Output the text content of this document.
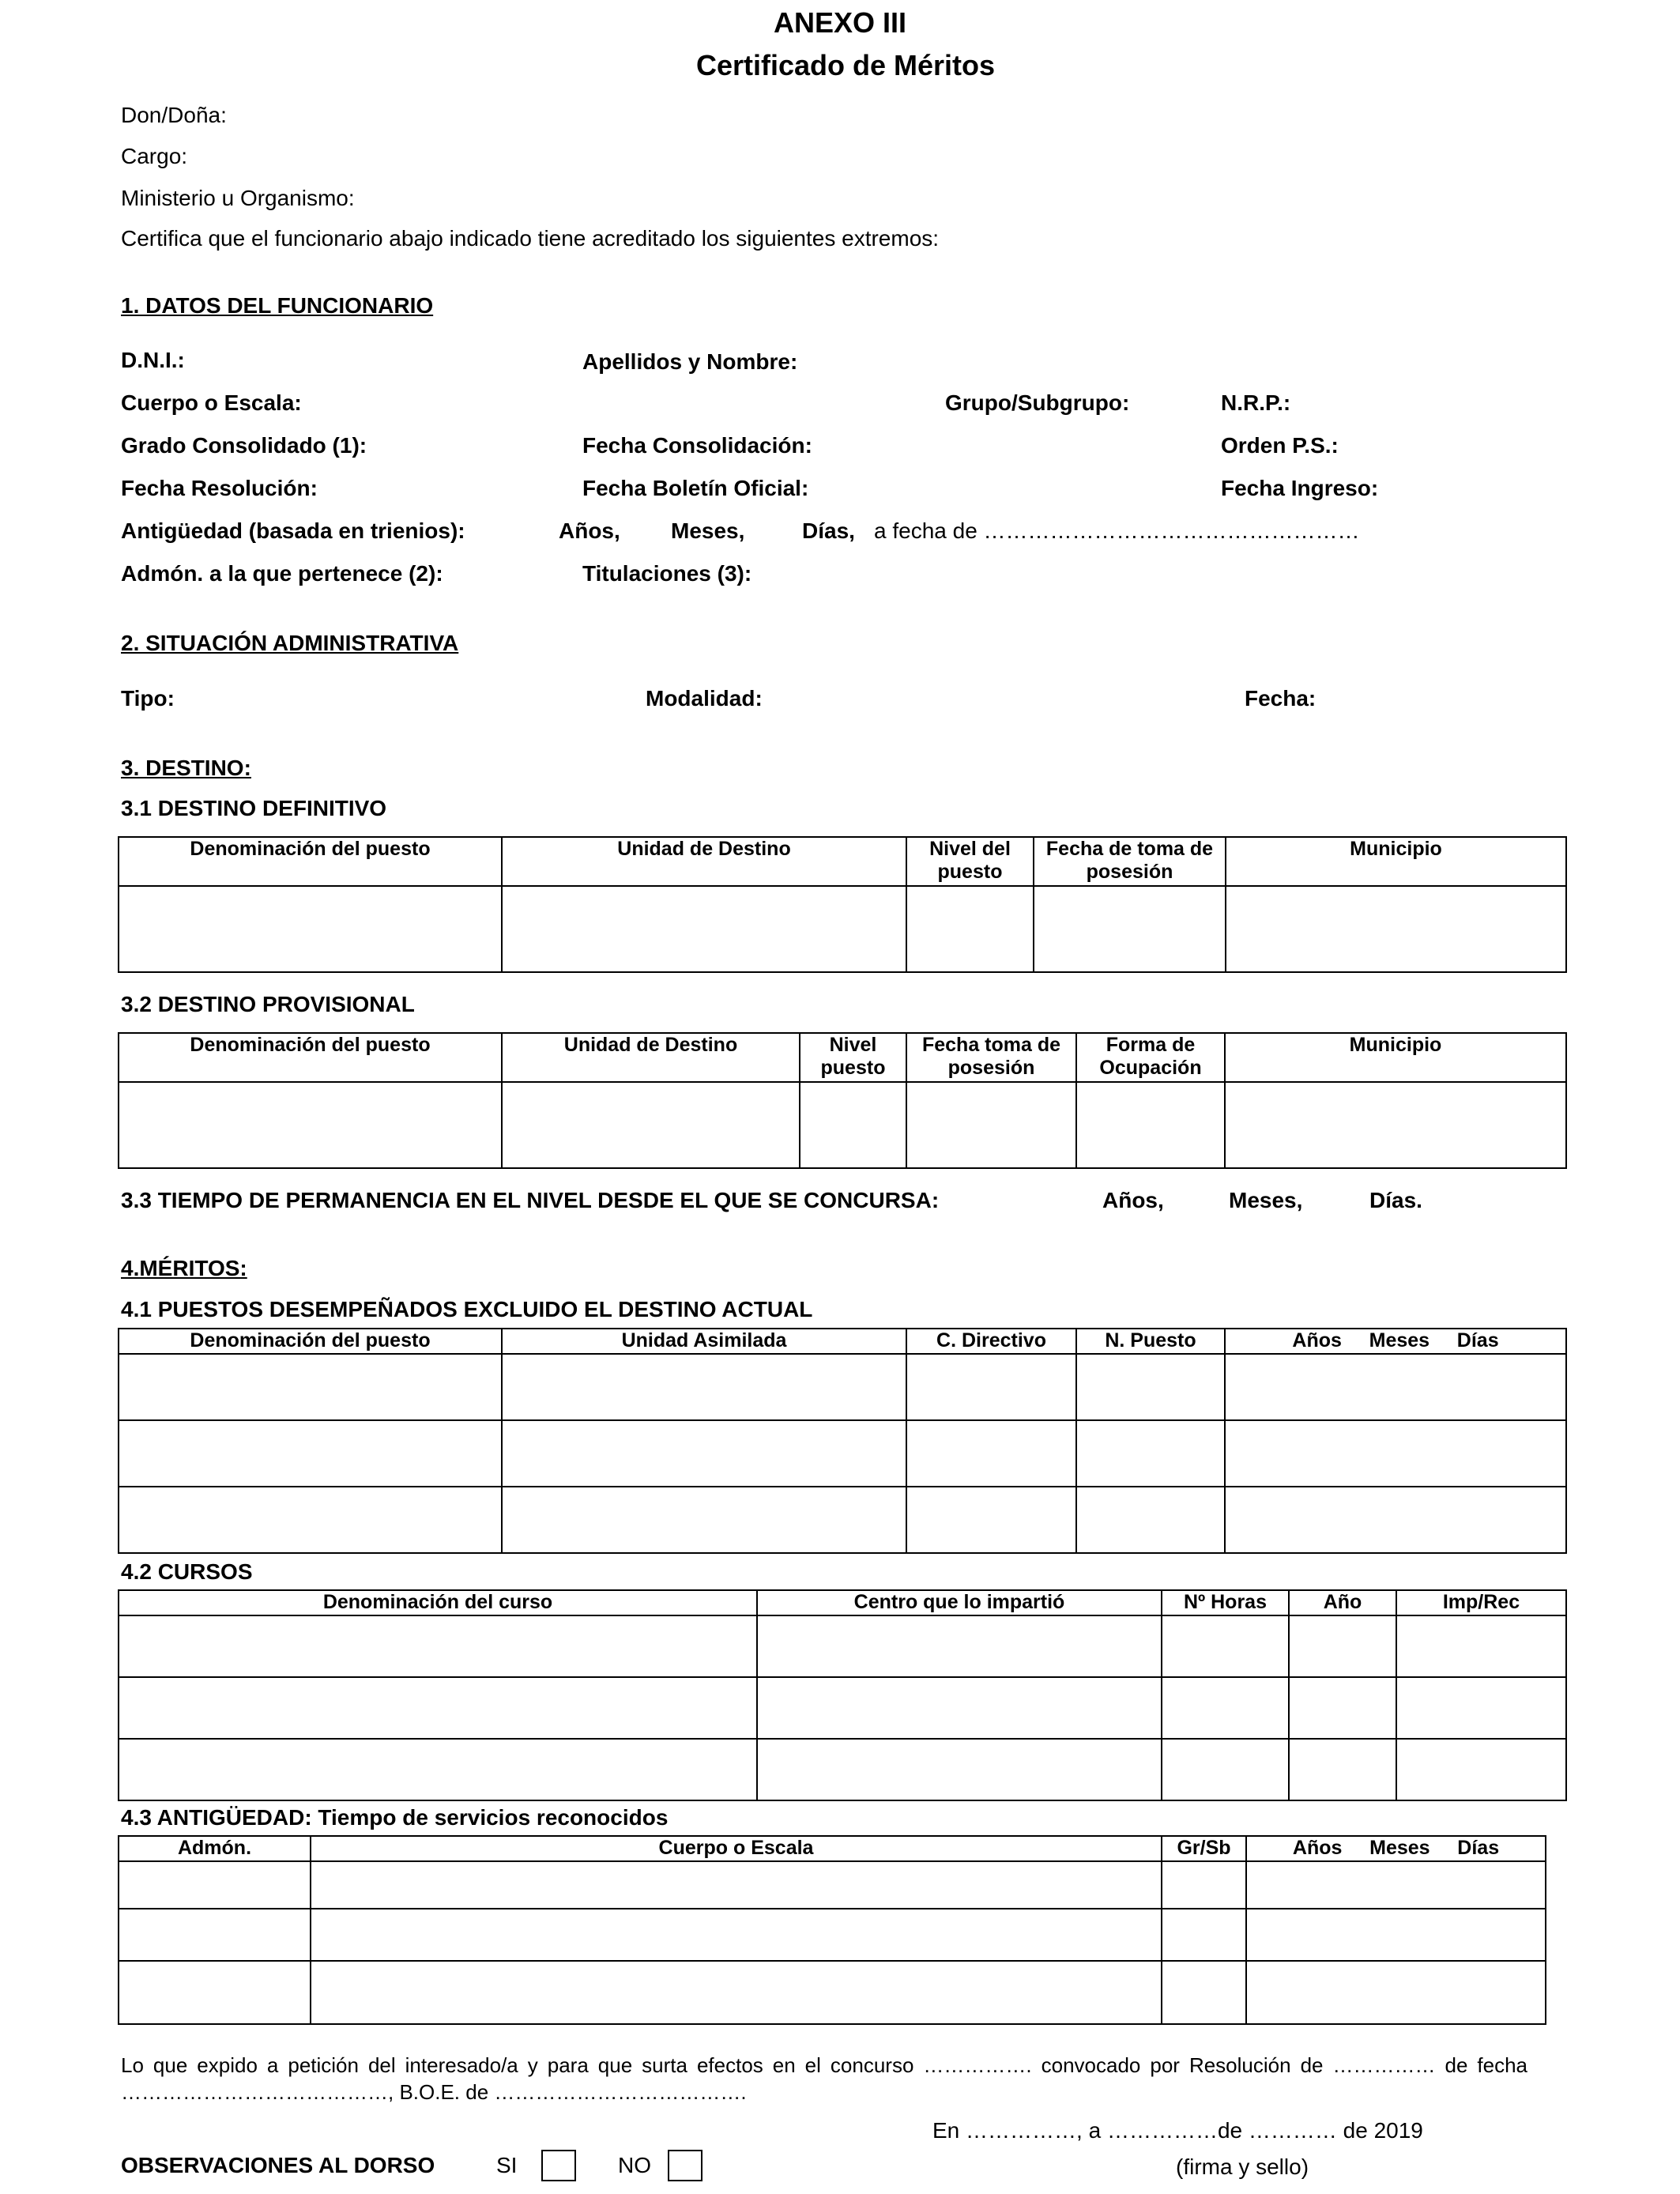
ANEXO III
Certificado de Méritos
Don/Doña:
Cargo:
Ministerio u Organismo:
Certifica que el funcionario abajo indicado tiene acreditado los siguientes extremos:
1. DATOS DEL FUNCIONARIO
D.N.I.:	Apellidos y Nombre:
Cuerpo o Escala:	Grupo/Subgrupo:	N.R.P.:
Grado Consolidado (1):	Fecha Consolidación:	Orden P.S.:
Fecha Resolución:	Fecha Boletín Oficial:	Fecha Ingreso:
Antigüedad (basada en trienios):	Años, Meses,	Días, a fecha de ……………………………………………
Admón. a la que pertenece (2):	Titulaciones (3):
2. SITUACIÓN ADMINISTRATIVA
Tipo:	Modalidad:	Fecha:
3. DESTINO:
3.1 DESTINO DEFINITIVO
Denominación del puesto	Unidad de Destino	Nivel del puesto	Fecha de toma de posesión	Municipio

3.2 DESTINO PROVISIONAL
Denominación del puesto	Unidad de Destino	Nivel puesto	Fecha toma de posesión	Forma de Ocupación	Municipio

3.3 TIEMPO DE PERMANENCIA EN EL NIVEL DESDE EL QUE SE CONCURSA:	Años,	Meses,	Días.
4.MÉRITOS:
4.1 PUESTOS DESEMPEÑADOS EXCLUIDO EL DESTINO ACTUAL
Denominación del puesto	Unidad Asimilada	C. Directivo	N. Puesto	Años     Meses     Días

4.2 CURSOS
Denominación del curso	Centro que lo impartió	Nº Horas	Año	Imp/Rec

4.3 ANTIGÜEDAD: Tiempo de servicios reconocidos
Admón.	Cuerpo o Escala	Gr/Sb	Años     Meses     Días

Lo que expido a petición del interesado/a y para que surta efectos en el concurso ……………. convocado por Resolución de …………… de fecha …………………………………, B.O.E. de ……………………………….
En ……………, a ……………de ………… de 2019
OBSERVACIONES AL DORSO	SI	NO	(firma y sello)
